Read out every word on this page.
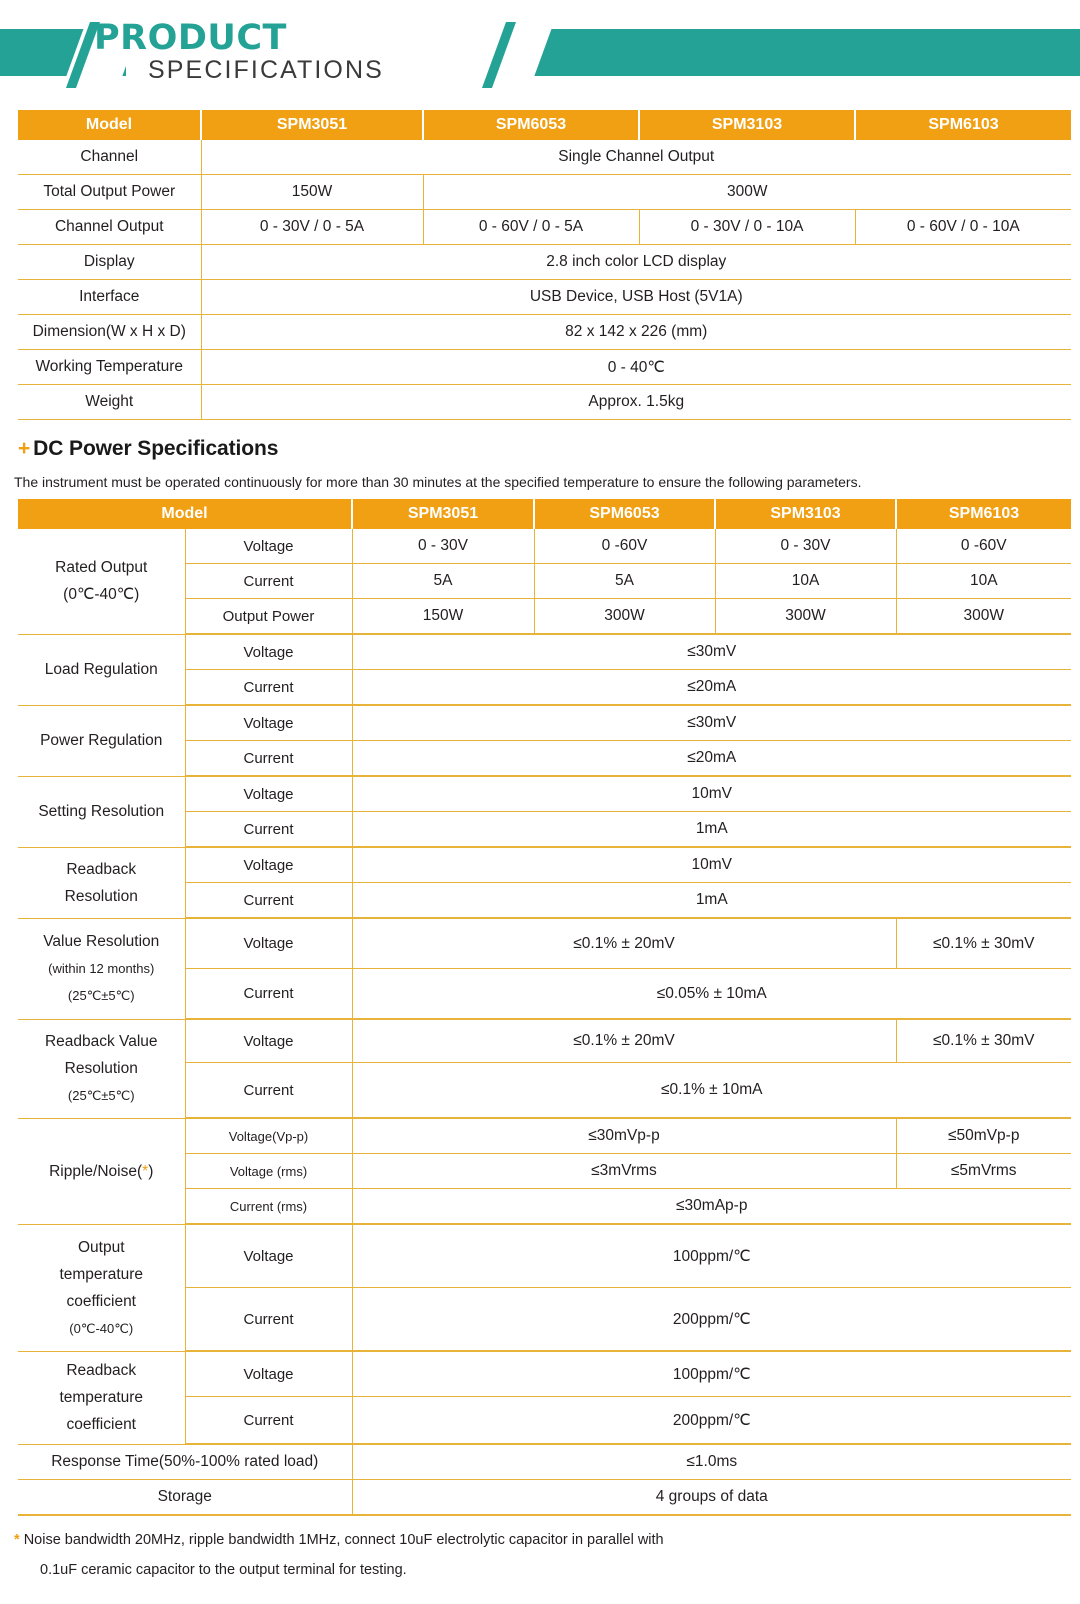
PRODUCT
SPECIFICATIONS
Model	SPM3051	SPM6053	SPM3103	SPM6103
Channel	Single Channel Output			
Total Output Power	150W	300W		
Channel Output	0 - 30V / 0 - 5A	0 - 60V / 0 - 5A	0 - 30V / 0 - 10A	0 - 60V / 0 - 10A
Display	2.8 inch color LCD display			
Interface	USB Device, USB Host (5V1A)			
Dimension(W x H x D)	82 x 142 x 226 (mm)			
Working Temperature	0 - 40℃			
Weight	Approx. 1.5kg			
+ DC Power Specifications
The instrument must be operated continuously for more than 30 minutes at the specified temperature to ensure the following parameters.
Model		SPM3051	SPM6053	SPM3103	SPM6103

Rated Output
(0℃-40℃)	Voltage	0 - 30V	0 -60V	0 - 30V	0 -60V
	Current	5A	5A	10A	10A
	Output Power	150W	300W	300W	300W
Load Regulation	Voltage	≤30mV			
	Current	≤20mA			
Power Regulation	Voltage	≤30mV			
	Current	≤20mA			
Setting Resolution	Voltage	10mV			
	Current	1mA			

Readback
Resolution	Voltage	10mV			
	Current	1mA			

Value Resolution
(within 12 months)
(25℃±5℃)	Voltage	≤0.1% ± 20mV			≤0.1% ± 30mV
	Current	≤0.05% ± 10mA			

Readback Value
Resolution
(25℃±5℃)	Voltage	≤0.1% ± 20mV			≤0.1% ± 30mV
	Current	≤0.1% ± 10mA			
Ripple/Noise(*)	Voltage(Vp-p)	≤30mVp-p			≤50mVp-p
	Voltage (rms)	≤3mVrms			≤5mVrms
	Current (rms)	≤30mAp-p			

Output
temperature
coefficient
(0℃-40℃)	Voltage	100ppm/℃			
	Current	200ppm/℃			

Readback
temperature
coefficient	Voltage	100ppm/℃			
	Current	200ppm/℃			
Response Time(50%-100% rated load)		≤1.0ms			
Storage		4 groups of data			
* Noise bandwidth 20MHz, ripple bandwidth 1MHz, connect 10uF electrolytic capacitor in parallel with
0.1uF ceramic capacitor to the output terminal for testing.
